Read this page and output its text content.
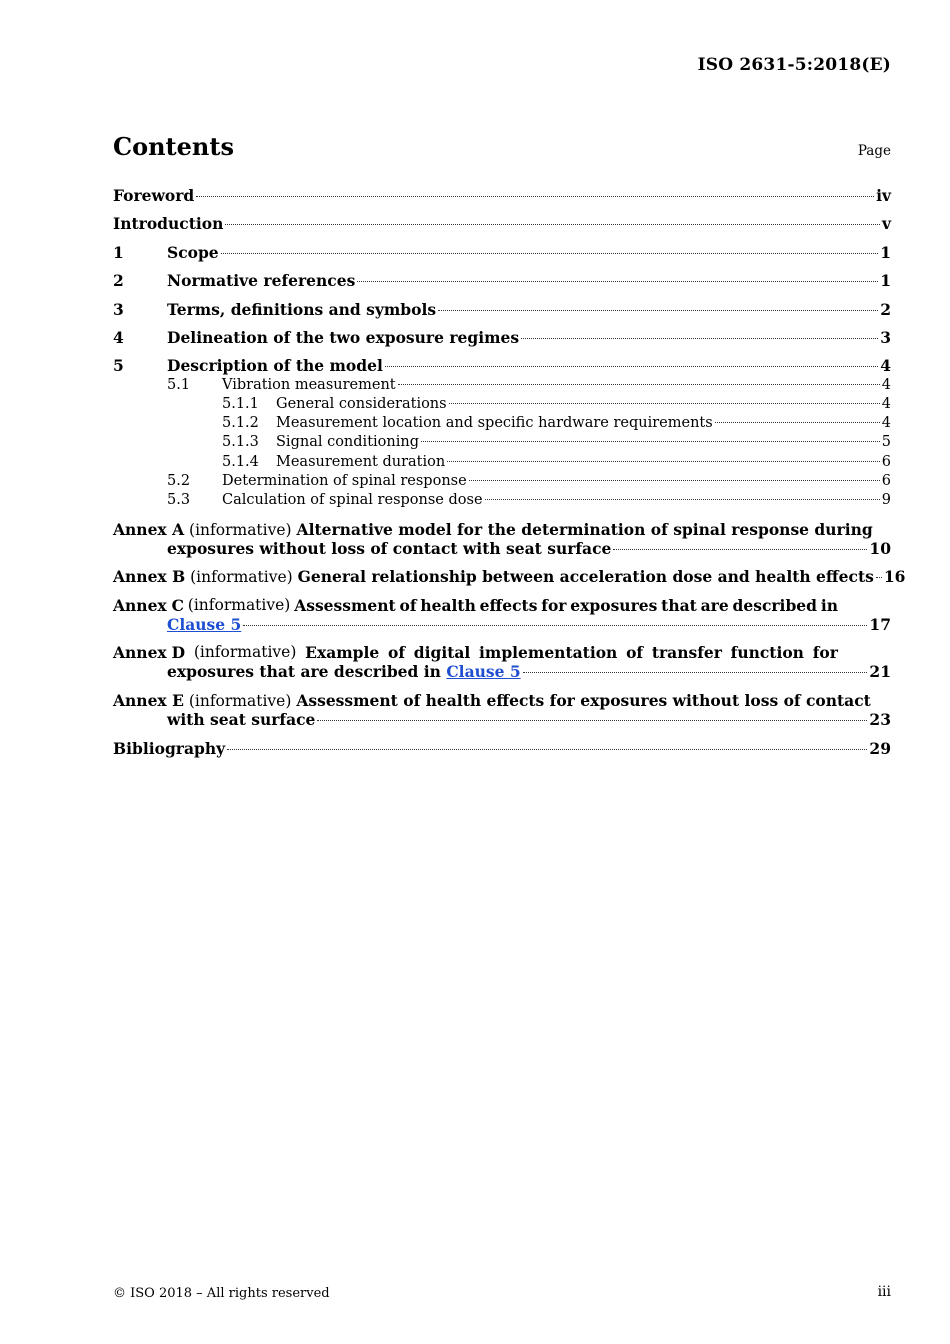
ISO 2631-5:2018(E)
Contents	Page
Foreword	iv
Introduction	v
1	Scope	1
2	Normative references	1
3	Terms, definitions and symbols	2
4	Delineation of the two exposure regimes	3
5	Description of the model	4
5.1	Vibration measurement	4
5.1.1	General considerations	4
5.1.2	Measurement location and specific hardware requirements	4
5.1.3	Signal conditioning	5
5.1.4	Measurement duration	6
5.2	Determination of spinal response	6
5.3	Calculation of spinal response dose	9
Annex A (informative) Alternative model for the determination of spinal response during
exposures without loss of contact with seat surface	10
Annex B (informative) General relationship between acceleration dose and health effects 16
Annex C (informative) Assessment of health effects for exposures that are described in
Clause 5	17
Annex D (informative) Example of digital implementation of transfer function for
exposures that are described in Clause 5	21
Annex E (informative) Assessment of health effects for exposures without loss of contact
with seat surface	23
Bibliography	29
© ISO 2018 – All rights reserved	iii
